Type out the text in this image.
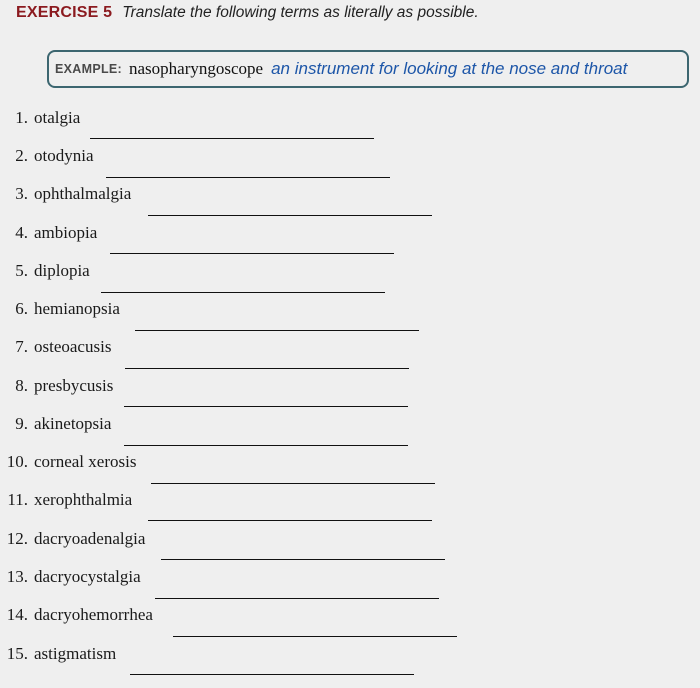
EXERCISE 5 Translate the following terms as literally as possible.
EXAMPLE: nasopharyngoscope an instrument for looking at the nose and throat
1. otalgia
2. otodynia
3. ophthalmalgia
4. ambiopia
5. diplopia
6. hemianopsia
7. osteoacusis
8. presbycusis
9. akinetopsia
10. corneal xerosis
11. xerophthalmia
12. dacryoadenalgia
13. dacryocystalgia
14. dacryohemorrhea
15. astigmatism
